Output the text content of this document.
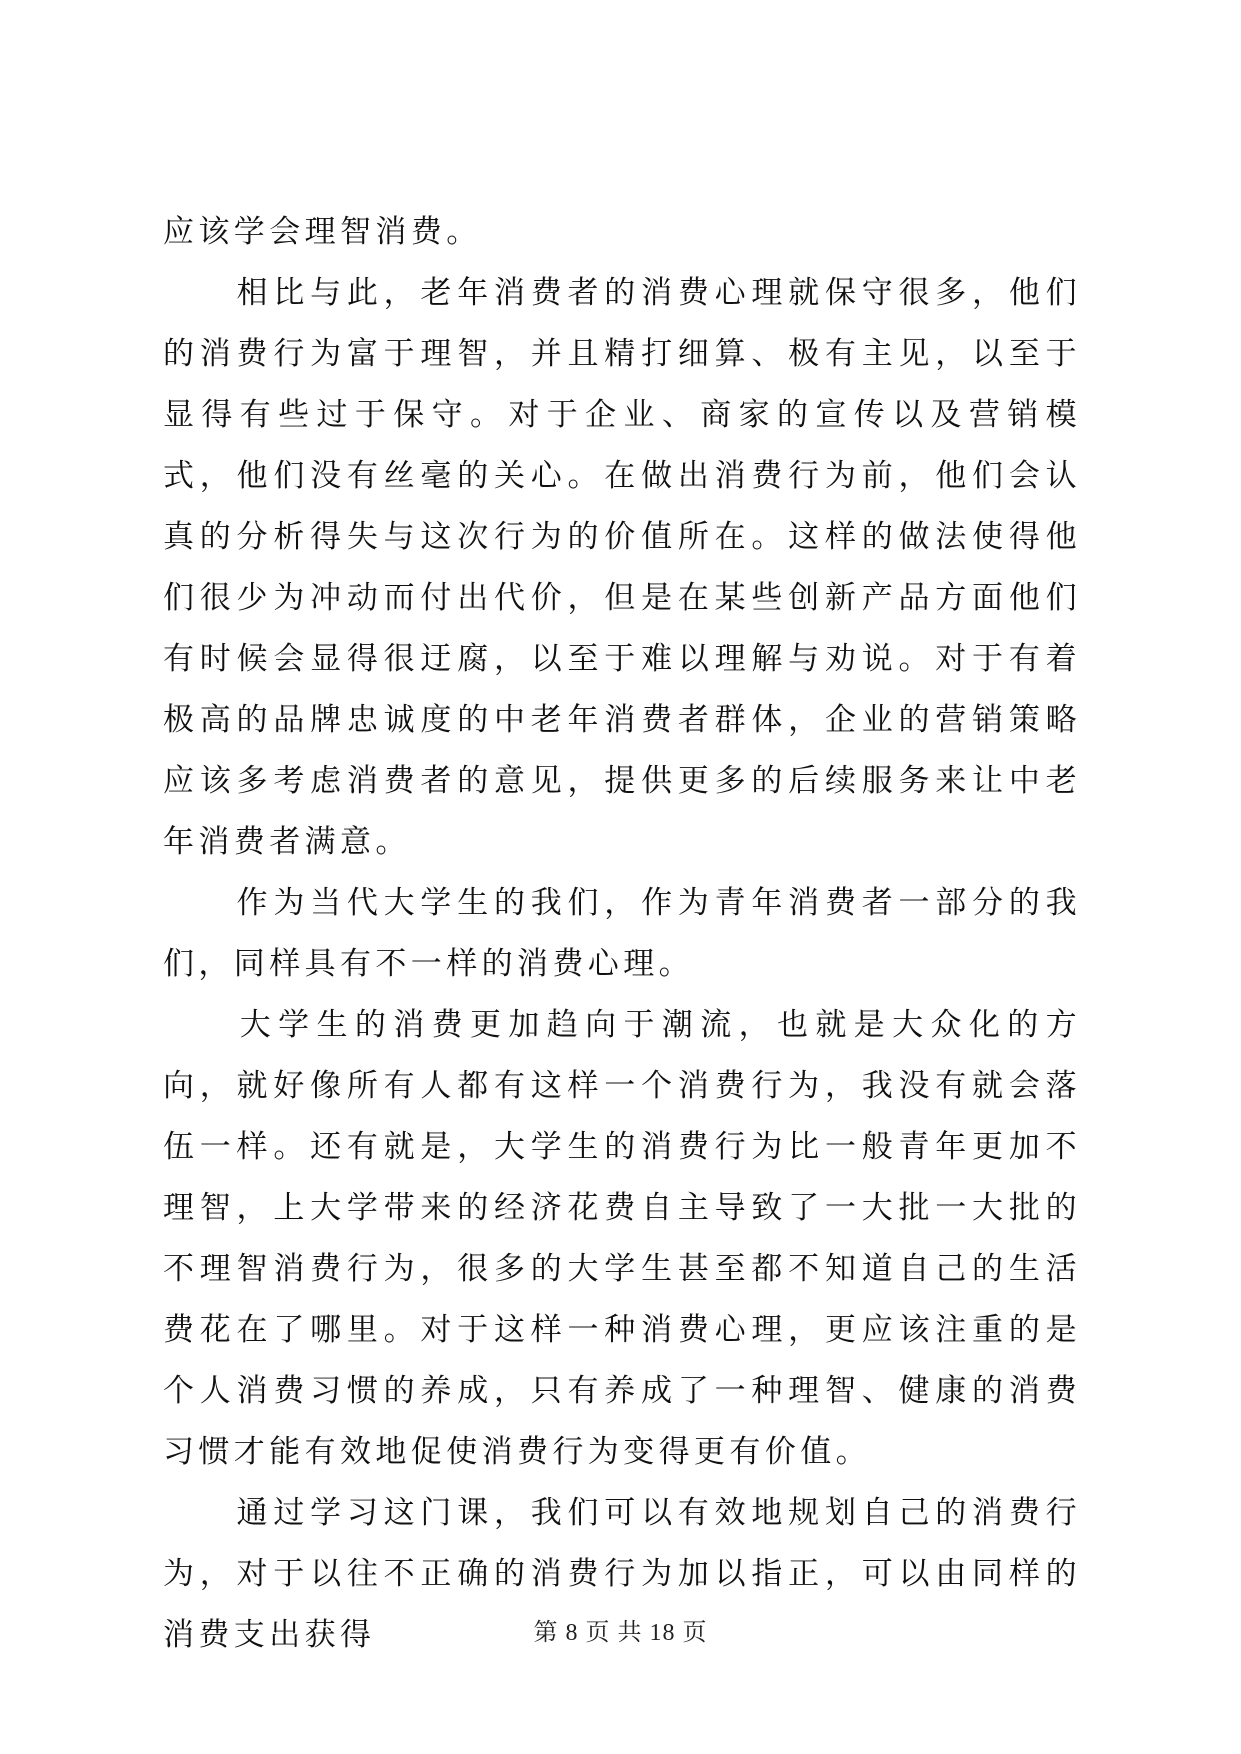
应该学会理智消费。

　　相比与此，老年消费者的消费心理就保守很多，他们的消费行为富于理智，并且精打细算、极有主见，以至于显得有些过于保守。对于企业、商家的宣传以及营销模式，他们没有丝毫的关心。在做出消费行为前，他们会认真的分析得失与这次行为的价值所在。这样的做法使得他们很少为冲动而付出代价，但是在某些创新产品方面他们有时候会显得很迂腐，以至于难以理解与劝说。对于有着极高的品牌忠诚度的中老年消费者群体，企业的营销策略应该多考虑消费者的意见，提供更多的后续服务来让中老年消费者满意。

　　作为当代大学生的我们，作为青年消费者一部分的我们，同样具有不一样的消费心理。

　　大学生的消费更加趋向于潮流，也就是大众化的方向，就好像所有人都有这样一个消费行为，我没有就会落伍一样。还有就是，大学生的消费行为比一般青年更加不理智，上大学带来的经济花费自主导致了一大批一大批的不理智消费行为，很多的大学生甚至都不知道自己的生活费花在了哪里。对于这样一种消费心理，更应该注重的是个人消费习惯的养成，只有养成了一种理智、健康的消费习惯才能有效地促使消费行为变得更有价值。

　　通过学习这门课，我们可以有效地规划自己的消费行为，对于以往不正确的消费行为加以指正，可以由同样的消费支出获得	第 8 页 共 18 页
